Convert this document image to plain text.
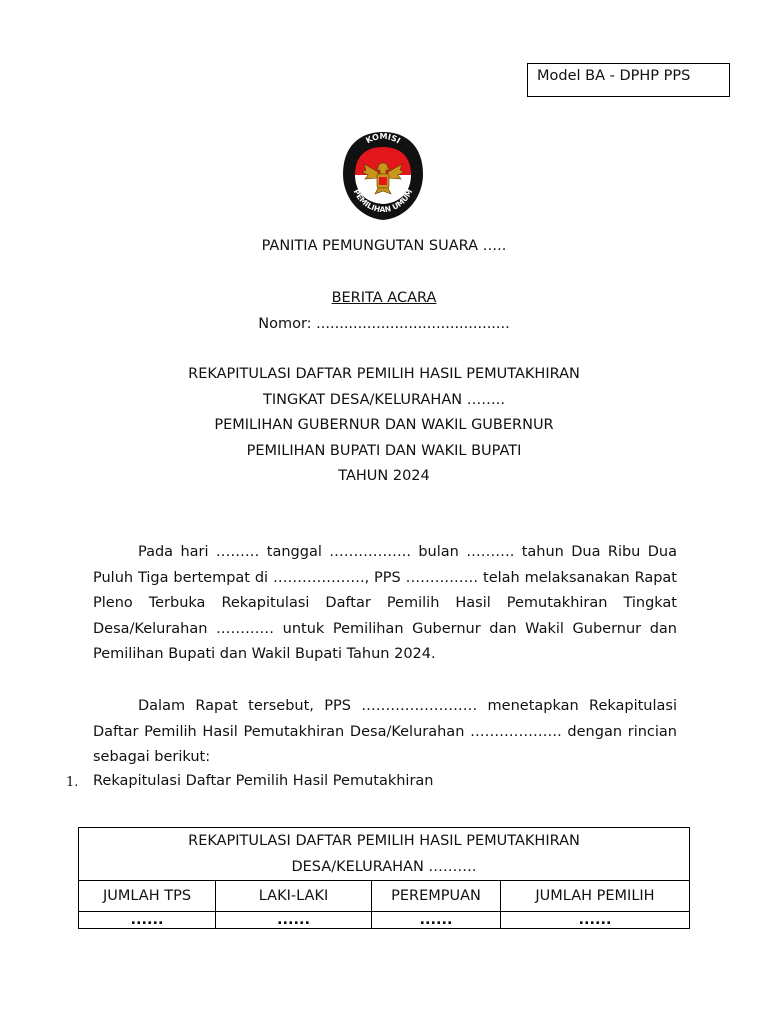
Model BA - DPHP PPS
KOMISI
PEMILIHAN UMUM
PANITIA PEMUNGUTAN SUARA …..
BERITA ACARA
Nomor: ..........................................
REKAPITULASI DAFTAR PEMILIH HASIL PEMUTAKHIRAN
TINGKAT DESA/KELURAHAN ……..
PEMILIHAN GUBERNUR DAN WAKIL GUBERNUR
PEMILIHAN BUPATI DAN WAKIL BUPATI
TAHUN 2024
Pada hari ……… tanggal …………….. bulan ………. tahun Dua Ribu Dua Puluh Tiga bertempat di ………………., PPS …………… telah melaksanakan Rapat Pleno Terbuka Rekapitulasi Daftar Pemilih Hasil Pemutakhiran Tingkat Desa/Kelurahan ………… untuk Pemilihan Gubernur dan Wakil Gubernur dan Pemilihan Bupati dan Wakil Bupati Tahun 2024.
Dalam Rapat tersebut, PPS …………………… menetapkan Rekapitulasi Daftar Pemilih Hasil Pemutakhiran Desa/Kelurahan ………………. dengan rincian sebagai berikut:
1. Rekapitulasi Daftar Pemilih Hasil Pemutakhiran
REKAPITULASI DAFTAR PEMILIH HASIL PEMUTAKHIRAN
DESA/KELURAHAN ……….			

JUMLAH TPS	LAKI-LAKI	PEREMPUAN	JUMLAH PEMILIH
......	......	......	......
